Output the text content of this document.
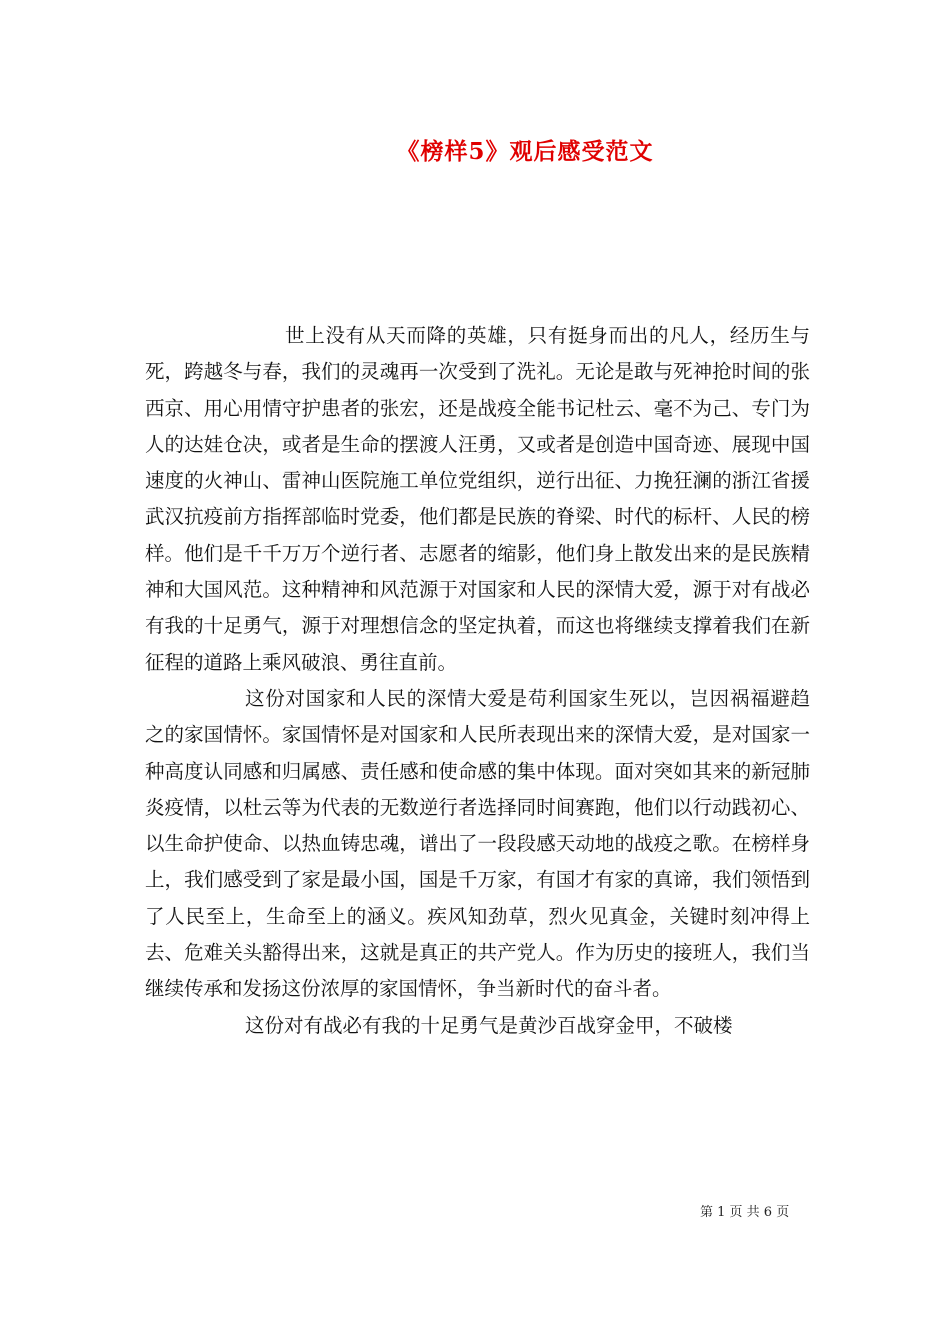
《榜样5》观后感受范文

世上没有从天而降的英雄，只有挺身而出的凡人，经历生与死，跨越冬与春，我们的灵魂再一次受到了洗礼。无论是敢与死神抢时间的张西京、用心用情守护患者的张宏，还是战疫全能书记杜云、毫不为己、专门为人的达娃仓决，或者是生命的摆渡人汪勇，又或者是创造中国奇迹、展现中国速度的火神山、雷神山医院施工单位党组织，逆行出征、力挽狂澜的浙江省援武汉抗疫前方指挥部临时党委，他们都是民族的脊梁、时代的标杆、人民的榜样。他们是千千万万个逆行者、志愿者的缩影，他们身上散发出来的是民族精神和大国风范。这种精神和风范源于对国家和人民的深情大爱，源于对有战必有我的十足勇气，源于对理想信念的坚定执着，而这也将继续支撑着我们在新征程的道路上乘风破浪、勇往直前。

这份对国家和人民的深情大爱是苟利国家生死以，岂因祸福避趋之的家国情怀。家国情怀是对国家和人民所表现出来的深情大爱，是对国家一种高度认同感和归属感、责任感和使命感的集中体现。面对突如其来的新冠肺炎疫情，以杜云等为代表的无数逆行者选择同时间赛跑，他们以行动践初心、以生命护使命、以热血铸忠魂，谱出了一段段感天动地的战疫之歌。在榜样身上，我们感受到了家是最小国，国是千万家，有国才有家的真谛，我们领悟到了人民至上，生命至上的涵义。疾风知劲草，烈火见真金，关键时刻冲得上去、危难关头豁得出来，这就是真正的共产党人。作为历史的接班人，我们当继续传承和发扬这份浓厚的家国情怀，争当新时代的奋斗者。

这份对有战必有我的十足勇气是黄沙百战穿金甲，不破楼

第 1 页 共 6 页
